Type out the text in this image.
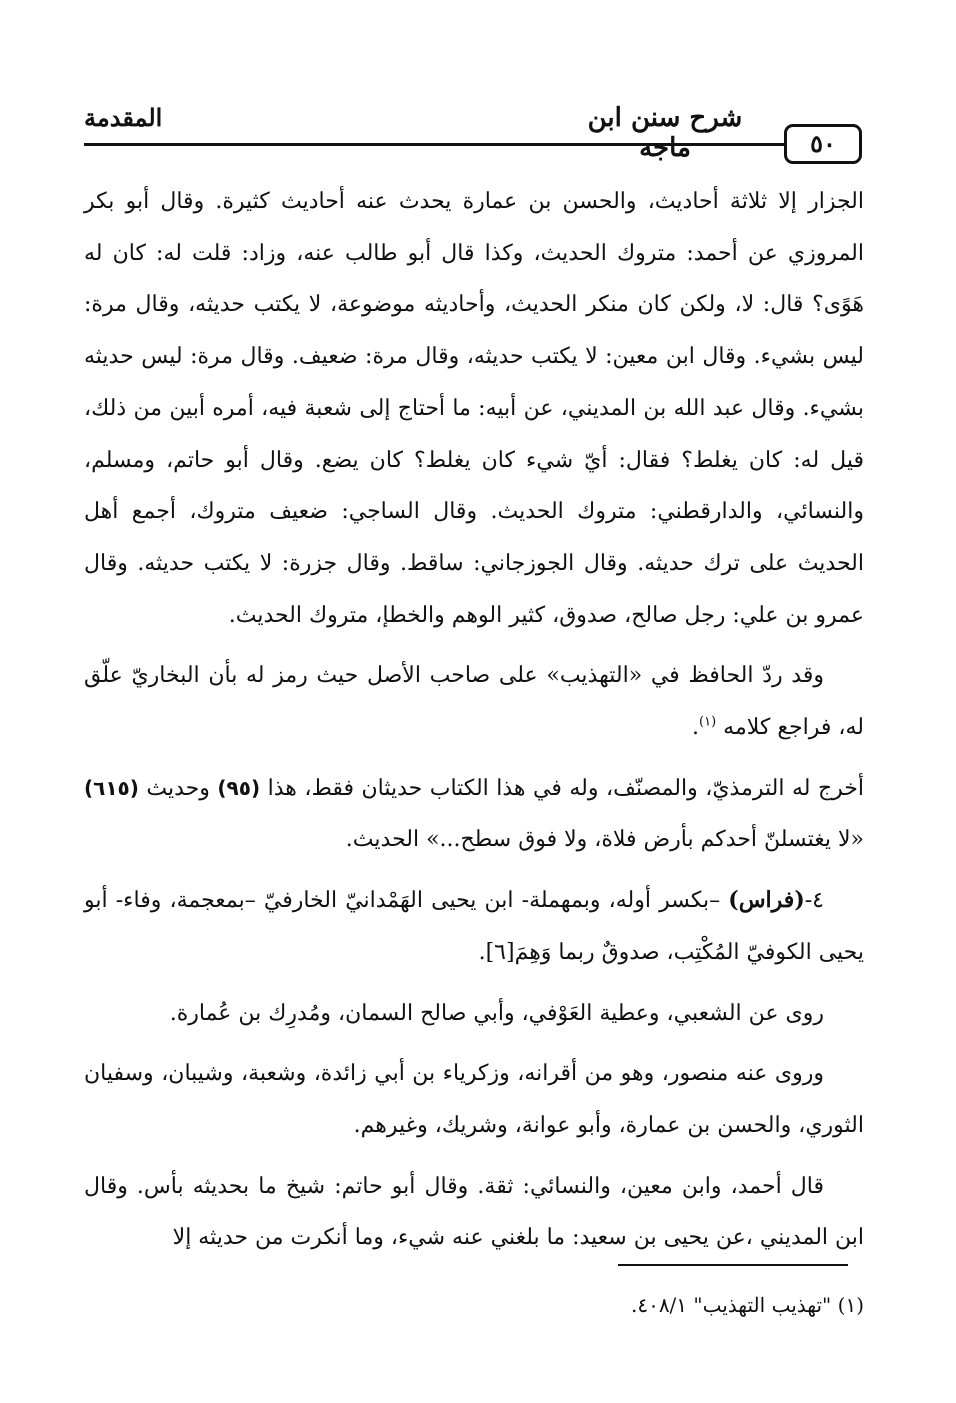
٥٠
شرح سنن ابن ماجه
المقدمة

الجزار إلا ثلاثة أحاديث، والحسن بن عمارة يحدث عنه أحاديث كثيرة. وقال أبو بكر المروزي عن أحمد: متروك الحديث، وكذا قال أبو طالب عنه، وزاد: قلت له: كان له هَوًى؟ قال: لا، ولكن كان منكر الحديث، وأحاديثه موضوعة، لا يكتب حديثه، وقال مرة: ليس بشيء. وقال ابن معين: لا يكتب حديثه، وقال مرة: ضعيف. وقال مرة: ليس حديثه بشيء. وقال عبد الله بن المديني، عن أبيه: ما أحتاج إلى شعبة فيه، أمره أبين من ذلك، قيل له: كان يغلط؟ فقال: أيّ شيء كان يغلط؟ كان يضع. وقال أبو حاتم، ومسلم، والنسائي، والدارقطني: متروك الحديث. وقال الساجي: ضعيف متروك، أجمع أهل الحديث على ترك حديثه. وقال الجوزجاني: ساقط. وقال جزرة: لا يكتب حديثه. وقال عمرو بن علي: رجل صالح، صدوق، كثير الوهم والخطإ، متروك الحديث.

وقد ردّ الحافظ في «التهذيب» على صاحب الأصل حيث رمز له بأن البخاريّ علّق له، فراجع كلامه $^{(١)}$.

أخرج له الترمذيّ، والمصنّف، وله في هذا الكتاب حديثان فقط، هذا (٩٥) وحديث (٦١٥) «لا يغتسلنّ أحدكم بأرض فلاة، ولا فوق سطح...» الحديث.

٤-(فراس) –بكسر أوله، وبمهملة- ابن يحيى الهَمْدانيّ الخارفيّ –بمعجمة، وفاء- أبو يحيى الكوفيّ المُكْتِب، صدوقٌ ربما وَهِمَ[٦].

روى عن الشعبي، وعطية العَوْفي، وأبي صالح السمان، ومُدرِك بن عُمارة.

وروى عنه منصور، وهو من أقرانه، وزكرياء بن أبي زائدة، وشعبة، وشيبان، وسفيان الثوري، والحسن بن عمارة، وأبو عوانة، وشريك، وغيرهم.

قال أحمد، وابن معين، والنسائي: ثقة. وقال أبو حاتم: شيخ ما بحديثه بأس. وقال ابن المديني ،عن يحيى بن سعيد: ما بلغني عنه شيء، وما أنكرت من حديثه إلا

(١) "تهذيب التهذيب" ٤٠٨/١.
